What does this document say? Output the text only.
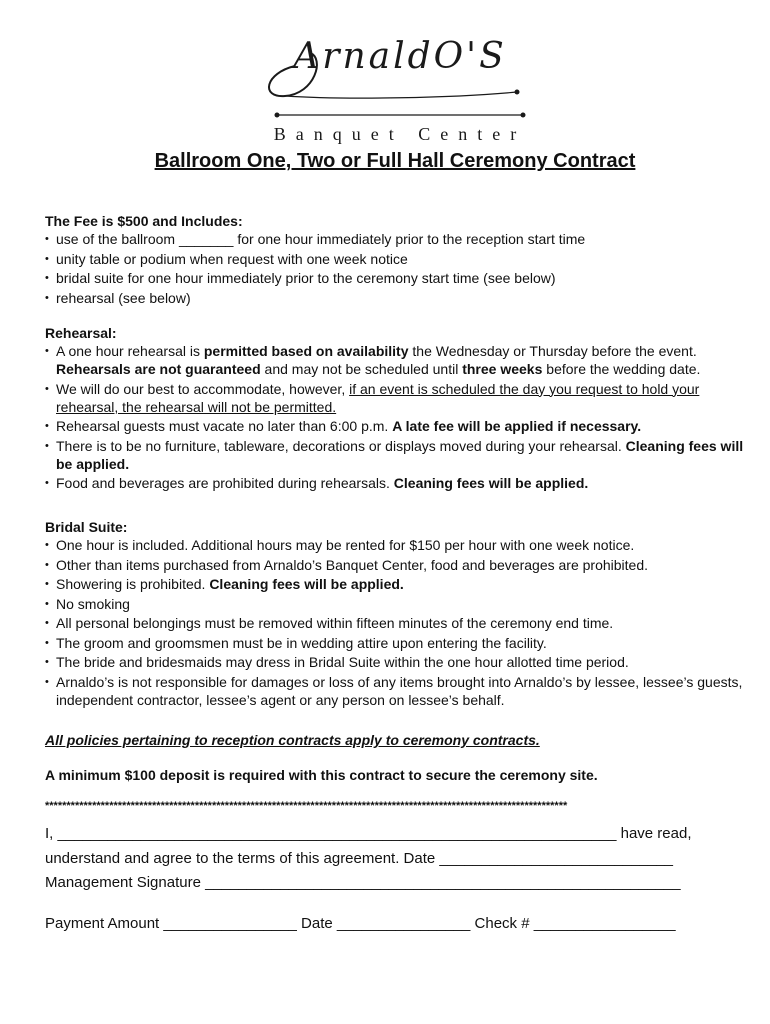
ArnaldO'S
Banquet Center
Ballroom One, Two or Full Hall Ceremony Contract

The Fee is $500 and Includes:

• use of the ballroom _______ for one hour immediately prior to the reception start time
• unity table or podium when request with one week notice
• bridal suite for one hour immediately prior to the ceremony start time (see below)
• rehearsal (see below)

Rehearsal:

• A one hour rehearsal is permitted based on availability the Wednesday or Thursday before the event. Rehearsals are not guaranteed and may not be scheduled until three weeks before the wedding date.
• We will do our best to accommodate, however, if an event is scheduled the day you request to hold your rehearsal, the rehearsal will not be permitted.
• Rehearsal guests must vacate no later than 6:00 p.m. A late fee will be applied if necessary.
• There is to be no furniture, tableware, decorations or displays moved during your rehearsal. Cleaning fees will be applied.
• Food and beverages are prohibited during rehearsals. Cleaning fees will be applied.

Bridal Suite:

• One hour is included. Additional hours may be rented for $150 per hour with one week notice.
• Other than items purchased from Arnaldo’s Banquet Center, food and beverages are prohibited.
• Showering is prohibited. Cleaning fees will be applied.
• No smoking
• All personal belongings must be removed within fifteen minutes of the ceremony end time.
• The groom and groomsmen must be in wedding attire upon entering the facility.
• The bride and bridesmaids may dress in Bridal Suite within the one hour allotted time period.
• Arnaldo’s is not responsible for damages or loss of any items brought into Arnaldo’s by lessee, lessee’s guests, independent contractor, lessee’s agent or any person on lessee’s behalf.
All policies pertaining to reception contracts apply to ceremony contracts.
A minimum $100 deposit is required with this contract to secure the ceremony site.
**************************************************************************************************************************
I, ___________________________________________________________________ have read,
understand and agree to the terms of this agreement. Date ____________________________
Management Signature _________________________________________________________
Payment Amount ________________ Date ________________ Check # _________________
